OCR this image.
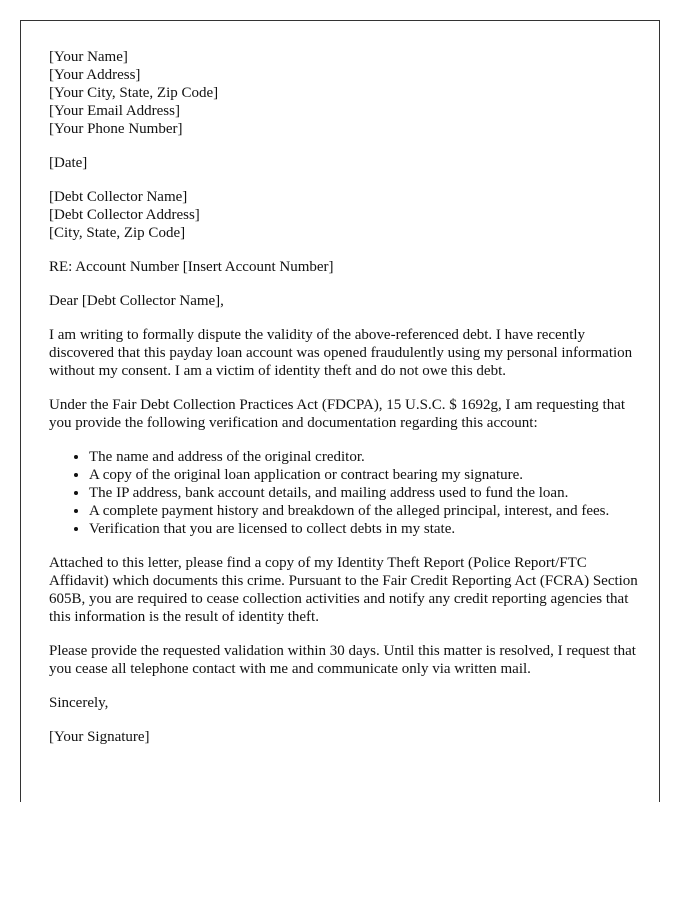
[Your Name]
[Your Address]
[Your City, State, Zip Code]
[Your Email Address]
[Your Phone Number]
[Date]
[Debt Collector Name]
[Debt Collector Address]
[City, State, Zip Code]
RE: Account Number [Insert Account Number]
Dear [Debt Collector Name],

I am writing to formally dispute the validity of the above-referenced debt. I have recently discovered that this payday loan account was opened fraudulently using my personal information without my consent. I am a victim of identity theft and do not owe this debt.

Under the Fair Debt Collection Practices Act (FDCPA), 15 U.S.C. $ 1692g, I am requesting that you provide the following verification and documentation regarding this account:

• The name and address of the original creditor.
• A copy of the original loan application or contract bearing my signature.
• The IP address, bank account details, and mailing address used to fund the loan.
• A complete payment history and breakdown of the alleged principal, interest, and fees.
• Verification that you are licensed to collect debts in my state.

Attached to this letter, please find a copy of my Identity Theft Report (Police Report/FTC Affidavit) which documents this crime. Pursuant to the Fair Credit Reporting Act (FCRA) Section 605B, you are required to cease collection activities and notify any credit reporting agencies that this information is the result of identity theft.

Please provide the requested validation within 30 days. Until this matter is resolved, I request that you cease all telephone contact with me and communicate only via written mail.

Sincerely,
[Your Signature]
